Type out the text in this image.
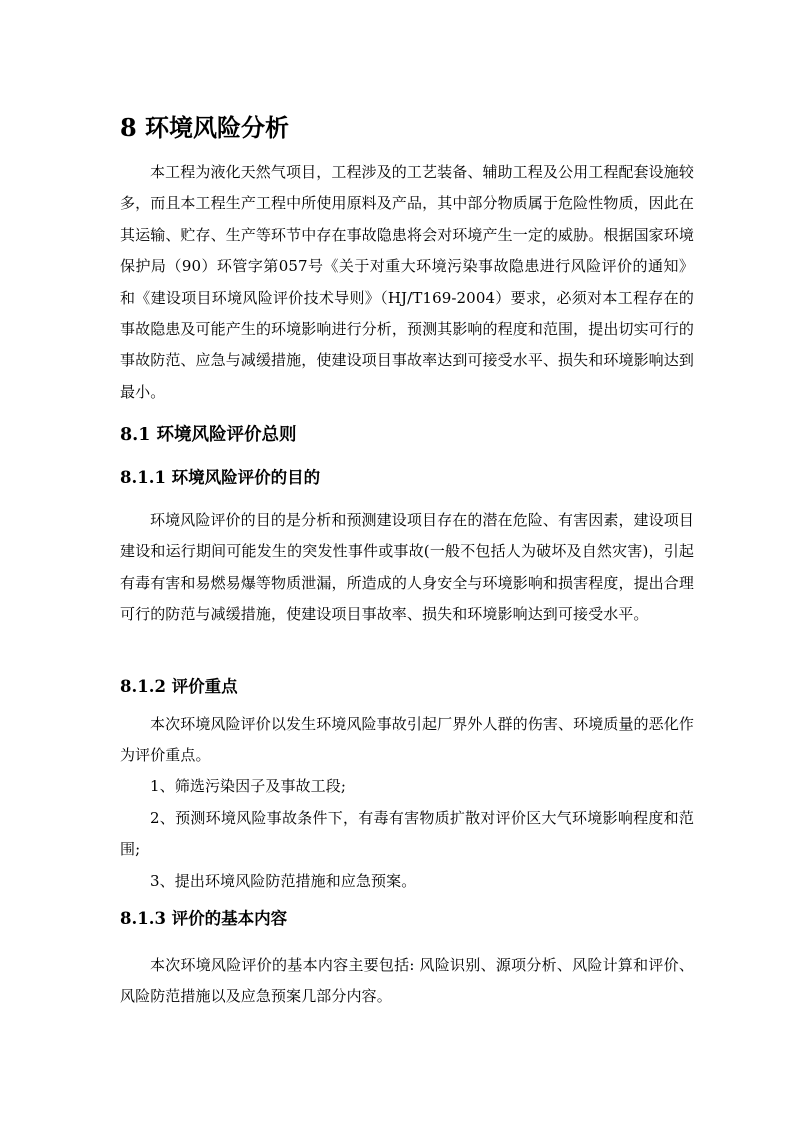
8 环境风险分析

本工程为液化天然气项目，工程涉及的工艺装备、辅助工程及公用工程配套设施较多，而且本工程生产工程中所使用原料及产品，其中部分物质属于危险性物质，因此在其运输、贮存、生产等环节中存在事故隐患将会对环境产生一定的威胁。根据国家环境保护局（90）环管字第057号《关于对重大环境污染事故隐患进行风险评价的通知》和《建设项目环境风险评价技术导则》（HJ/T169-2004）要求，必须对本工程存在的事故隐患及可能产生的环境影响进行分析，预测其影响的程度和范围，提出切实可行的事故防范、应急与减缓措施，使建设项目事故率达到可接受水平、损失和环境影响达到最小。

8.1 环境风险评价总则
8.1.1 环境风险评价的目的

环境风险评价的目的是分析和预测建设项目存在的潜在危险、有害因素，建设项目建设和运行期间可能发生的突发性事件或事故(一般不包括人为破坏及自然灾害)，引起有毒有害和易燃易爆等物质泄漏，所造成的人身安全与环境影响和损害程度，提出合理可行的防范与减缓措施，使建设项目事故率、损失和环境影响达到可接受水平。

8.1.2 评价重点

本次环境风险评价以发生环境风险事故引起厂界外人群的伤害、环境质量的恶化作为评价重点。

1、筛选污染因子及事故工段;

2、预测环境风险事故条件下，有毒有害物质扩散对评价区大气环境影响程度和范围;

3、提出环境风险防范措施和应急预案。

8.1.3 评价的基本内容

本次环境风险评价的基本内容主要包括: 风险识别、源项分析、风险计算和评价、风险防范措施以及应急预案几部分内容。
